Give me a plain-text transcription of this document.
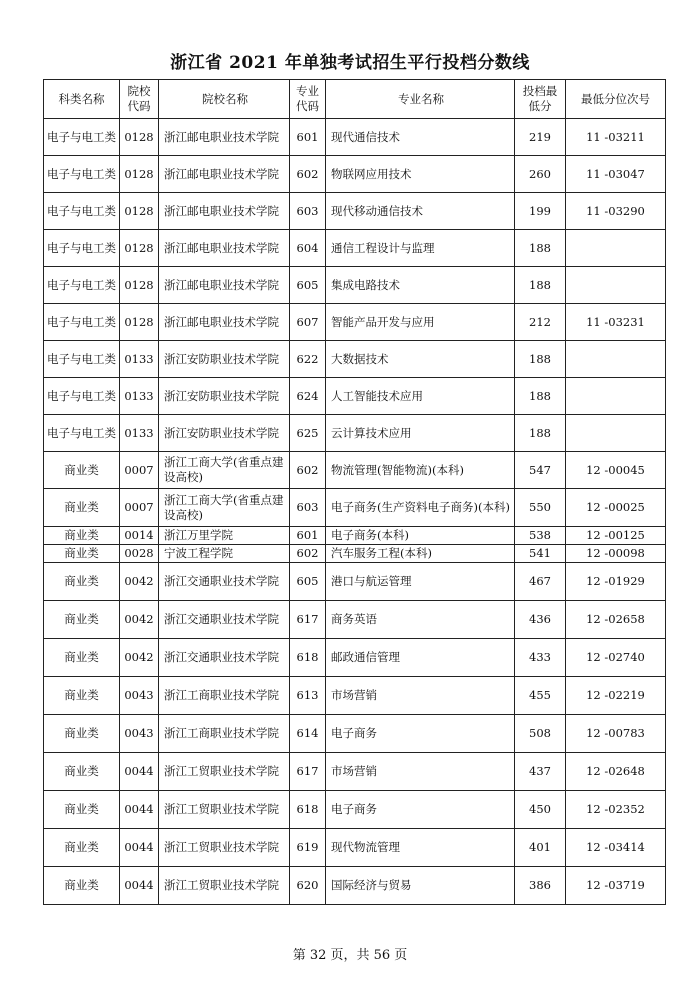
浙江省 2021 年单独考试招生平行投档分数线
科类名称	院校代码	院校名称	专业代码	专业名称	投档最低分	最低分位次号
电子与电工类	0128	浙江邮电职业技术学院	601	现代通信技术	219	11 -03211
电子与电工类	0128	浙江邮电职业技术学院	602	物联网应用技术	260	11 -03047
电子与电工类	0128	浙江邮电职业技术学院	603	现代移动通信技术	199	11 -03290
电子与电工类	0128	浙江邮电职业技术学院	604	通信工程设计与监理	188	
电子与电工类	0128	浙江邮电职业技术学院	605	集成电路技术	188	
电子与电工类	0128	浙江邮电职业技术学院	607	智能产品开发与应用	212	11 -03231
电子与电工类	0133	浙江安防职业技术学院	622	大数据技术	188	
电子与电工类	0133	浙江安防职业技术学院	624	人工智能技术应用	188	
电子与电工类	0133	浙江安防职业技术学院	625	云计算技术应用	188	
商业类	0007	浙江工商大学(省重点建设高校)	602	物流管理(智能物流)(本科)	547	12 -00045
商业类	0007	浙江工商大学(省重点建设高校)	603	电子商务(生产资料电子商务)(本科)	550	12 -00025
商业类	0014	浙江万里学院	601	电子商务(本科)	538	12 -00125
商业类	0028	宁波工程学院	602	汽车服务工程(本科)	541	12 -00098
商业类	0042	浙江交通职业技术学院	605	港口与航运管理	467	12 -01929
商业类	0042	浙江交通职业技术学院	617	商务英语	436	12 -02658
商业类	0042	浙江交通职业技术学院	618	邮政通信管理	433	12 -02740
商业类	0043	浙江工商职业技术学院	613	市场营销	455	12 -02219
商业类	0043	浙江工商职业技术学院	614	电子商务	508	12 -00783
商业类	0044	浙江工贸职业技术学院	617	市场营销	437	12 -02648
商业类	0044	浙江工贸职业技术学院	618	电子商务	450	12 -02352
商业类	0044	浙江工贸职业技术学院	619	现代物流管理	401	12 -03414
商业类	0044	浙江工贸职业技术学院	620	国际经济与贸易	386	12 -03719
第 32 页，共 56 页
